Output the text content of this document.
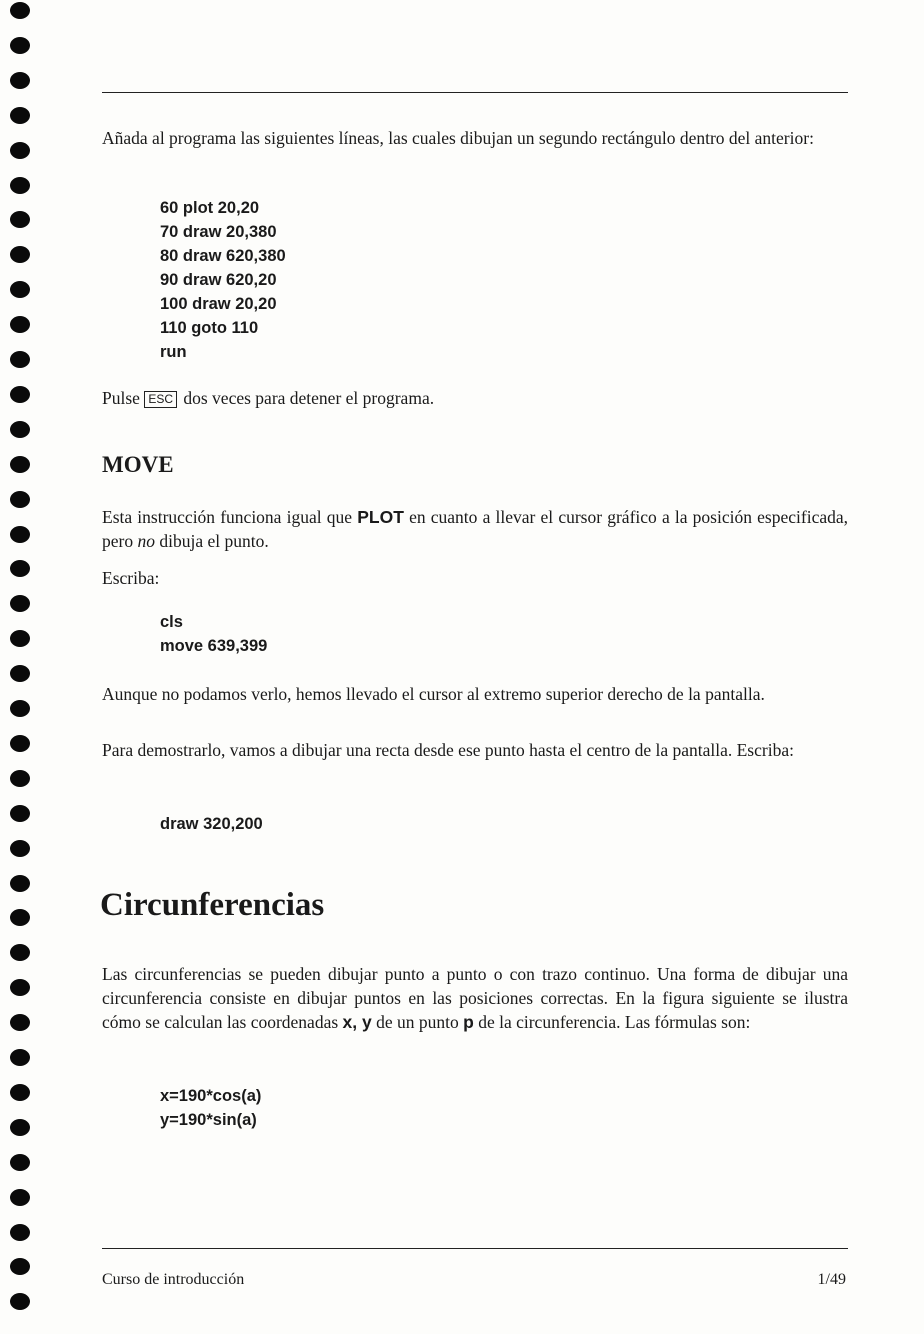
Añada al programa las siguientes líneas, las cuales dibujan un segundo rectángulo dentro del anterior:

60 plot 20,20
70 draw 20,380
80 draw 620,380
90 draw 620,20
100 draw 20,20
110 goto 110
run

Pulse ESC dos veces para detener el programa.

MOVE

Esta instrucción funciona igual que PLOT en cuanto a llevar el cursor gráfico a la posición especificada, pero no dibuja el punto.

Escriba:

cls
move 639,399

Aunque no podamos verlo, hemos llevado el cursor al extremo superior derecho de la pantalla.

Para demostrarlo, vamos a dibujar una recta desde ese punto hasta el centro de la pantalla. Escriba:

draw 320,200
Circunferencias

Las circunferencias se pueden dibujar punto a punto o con trazo continuo. Una forma de dibujar una circunferencia consiste en dibujar puntos en las posiciones correctas. En la figura siguiente se ilustra cómo se calculan las coordenadas x, y de un punto p de la circunferencia. Las fórmulas son:

x=190*cos(a)
y=190*sin(a)
Curso de introducción	1/49
